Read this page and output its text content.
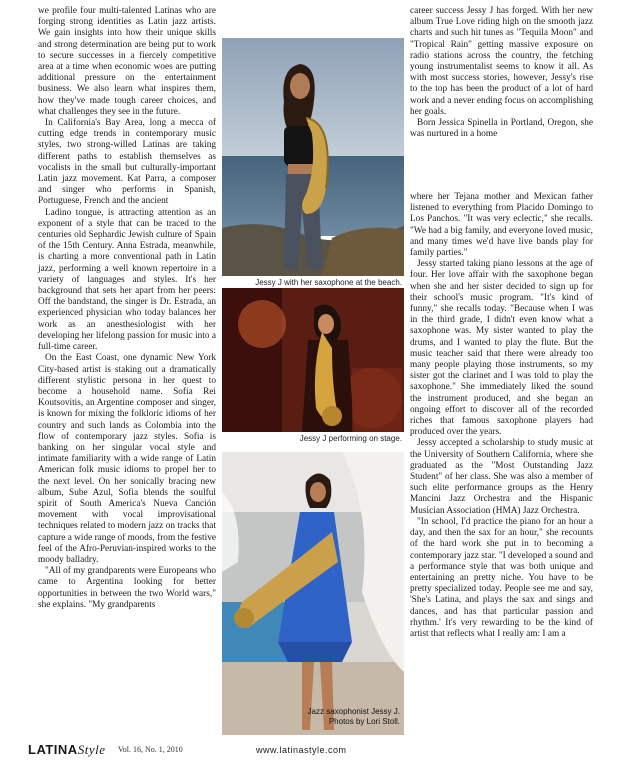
we profile four multi-talented Latinas who are forging strong identities as Latin jazz artists. We gain insights into how their unique skills and strong determination are being put to work to secure successes in a fiercely competitive area at a time when economic woes are putting additional pressure on the entertainment business. We also learn what inspires them, how they've made tough career choices, and what challenges they see in the future.

In California's Bay Area, long a mecca of cutting edge trends in contemporary music styles, two strong-willed Latinas are taking different paths to establish themselves as vocalists in the small but culturally-important Latin jazz movement. Kat Parra, a composer and singer who performs in Spanish, Portuguese, French and the ancient

Ladino tongue, is attracting attention as an exponent of a style that can be traced to the centuries old Sephardic Jewish culture of Spain of the 15th Century. Anna Estrada, meanwhile, is charting a more conventional path in Latin jazz, performing a well known repertoire in a variety of languages and styles. It's her background that sets her apart from her peers: Off the bandstand, the singer is Dr. Estrada, an experienced physician who today balances her work as an anesthesiologist with her developing her lifelong passion for music into a full-time career.

On the East Coast, one dynamic New York City-based artist is staking out a dramatically different stylistic persona in her quest to become a household name. Sofia Rei Koutsovitis, an Argentine composer and singer, is known for mixing the folkloric idioms of her country and such lands as Colombia into the flow of contemporary jazz styles. Sofia is banking on her singular vocal style and intimate familiarity with a wide range of Latin American folk music idioms to propel her to the next level. On her sonically bracing new album, Sube Azul, Sofia blends the soulful spirit of South America's Nueva Canción movement with vocal improvisational techniques related to modern jazz on tracks that capture a wide range of moods, from the festive feel of the Afro-Peruvian-inspired works to the moody balladry.

"All of my grandparents were Europeans who came to Argentina looking for better opportunities in between the two World wars," she explains. "My grandparents

career success Jessy J has forged. With her new album True Love riding high on the smooth jazz charts and such hit tunes as "Tequila Moon" and "Tropical Rain" getting massive exposure on radio stations across the country, the fetching young instrumentalist seems to know it all. As with most success stories, however, Jessy's rise to the top has been the product of a lot of hard work and a never ending focus on accomplishing her goals.

Born Jessica Spinella in Portland, Oregon, she was nurtured in a home

where her Tejana mother and Mexican father listened to everything from Placido Domingo to Los Panchos. "It was very eclectic," she recalls. "We had a big family, and everyone loved music, and many times we'd have live bands play for family parties."

Jessy started taking piano lessons at the age of four. Her love affair with the saxophone began when she and her sister decided to sign up for their school's music program. "It's kind of funny," she recalls today. "Because when I was in the third grade, I didn't even know what a saxophone was. My sister wanted to play the drums, and I wanted to play the flute. But the music teacher said that there were already too many people playing those instruments, so my sister got the clarinet and I was told to play the saxophone." She immediately liked the sound the instrument produced, and she began an ongoing effort to discover all of the recorded riches that famous saxophone players had produced over the years.

Jessy accepted a scholarship to study music at the University of Southern California, where she graduated as the "Most Outstanding Jazz Student" of her class. She was also a member of such elite performance groups as the Henry Mancini Jazz Orchestra and the Hispanic Musician Association (HMA) Jazz Orchestra.

"In school, I'd practice the piano for an hour a day, and then the sax for an hour," she recounts of the hard work she put in to becoming a contemporary jazz star. "I developed a sound and a performance style that was both unique and entertaining an pretty niche. You have to be pretty specialized today. People see me and say, 'She's Latina, and plays the sax and sings and dances, and has that particular passion and rhythm.' It's very rewarding to be the kind of artist that reflects what I really am: I am a

Jessy J with her saxophone at the beach.
Jessy J performing on stage.
Jazz saxophonist Jessy J.
Photos by Lori Stoll.
LATINAStyle Vol. 16, No. 1, 2010	www.latinastyle.com
